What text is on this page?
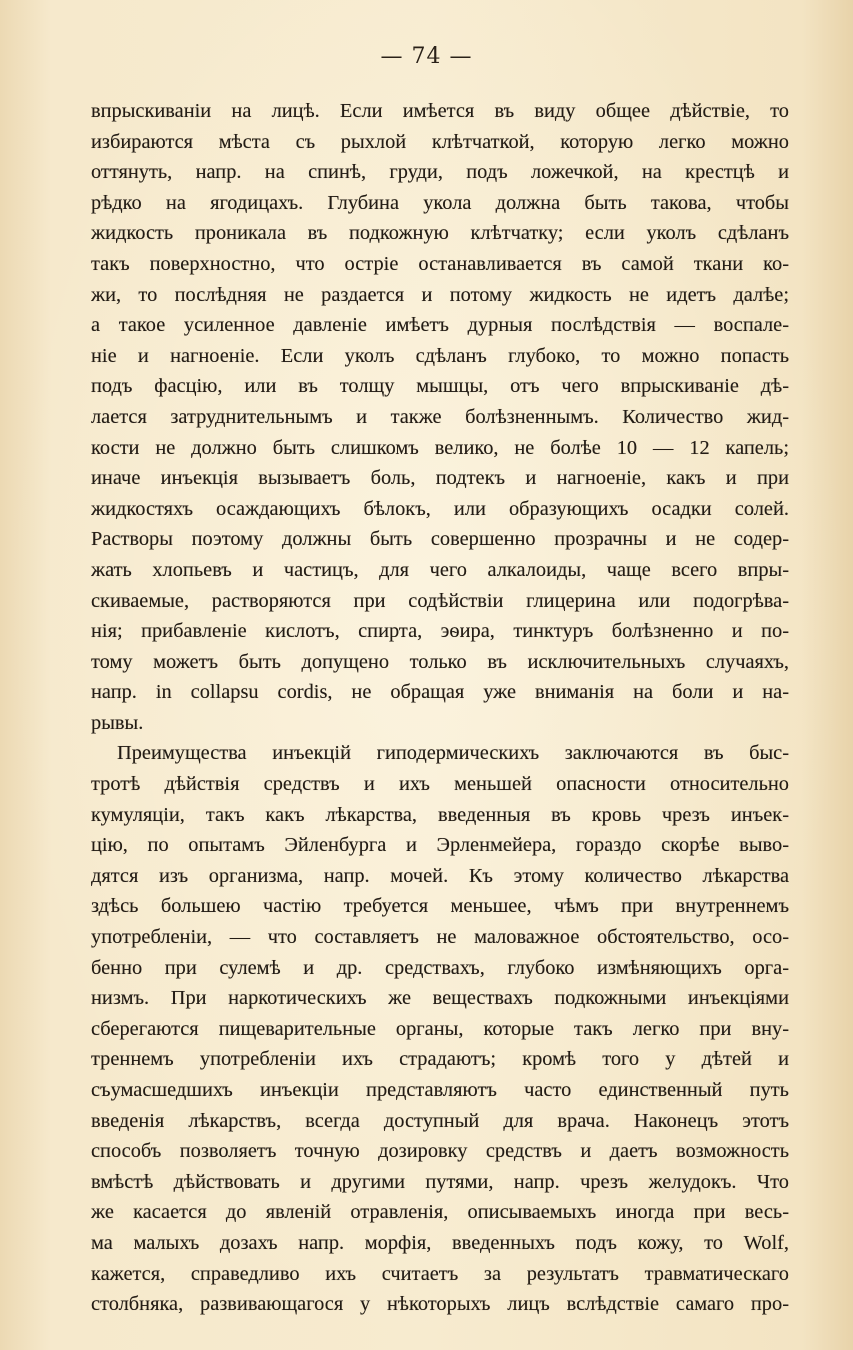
— 74 —
впрыскиваніи на лицѣ. Если имѣется въ виду общее дѣйствіе, то
избираются мѣста съ рыхлой клѣтчаткой, которую легко можно
оттянуть, напр. на спинѣ, груди, подъ ложечкой, на крестцѣ и
рѣдко на ягодицахъ. Глубина укола должна быть такова, чтобы
жидкость проникала въ подкожную клѣтчатку; если уколъ сдѣланъ
такъ поверхностно, что остріе останавливается въ самой ткани ко-
жи, то послѣдняя не раздается и потому жидкость не идетъ далѣе;
а такое усиленное давленіе имѣетъ дурныя послѣдствія — воспале-
ніе и нагноеніе. Если уколъ сдѣланъ глубоко, то можно попасть
подъ фасцію, или въ толщу мышцы, отъ чего впрыскиваніе дѣ-
лается затруднительнымъ и также болѣзненнымъ. Количество жид-
кости не должно быть слишкомъ велико, не болѣе 10 — 12 капель;
иначе инъекція вызываетъ боль, подтекъ и нагноеніе, какъ и при
жидкостяхъ осаждающихъ бѣлокъ, или образующихъ осадки солей.
Растворы поэтому должны быть совершенно прозрачны и не содер-
жать хлопьевъ и частицъ, для чего алкалоиды, чаще всего впры-
скиваемые, растворяются при содѣйствіи глицерина или подогрѣва-
нія; прибавленіе кислотъ, спирта, эѳира, тинктуръ болѣзненно и по-
тому можетъ быть допущено только въ исключительныхъ случаяхъ,
напр. in collapsu cordis, не обращая уже вниманія на боли и на-
рывы.
Преимущества инъекцій гиподермическихъ заключаются въ быс-
тротѣ дѣйствія средствъ и ихъ меньшей опасности относительно
кумуляціи, такъ какъ лѣкарства, введенныя въ кровь чрезъ инъек-
цію, по опытамъ Эйленбурга и Эрленмейера, гораздо скорѣе выво-
дятся изъ организма, напр. мочей. Къ этому количество лѣкарства
здѣсь большею частію требуется меньшее, чѣмъ при внутреннемъ
употребленіи, — что составляетъ не маловажное обстоятельство, осо-
бенно при сулемѣ и др. средствахъ, глубоко измѣняющихъ орга-
низмъ. При наркотическихъ же веществахъ подкожными инъекціями
сберегаются пищеварительные органы, которые такъ легко при вну-
треннемъ употребленіи ихъ страдаютъ; кромѣ того у дѣтей и
съумасшедшихъ инъекціи представляютъ часто единственный путь
введенія лѣкарствъ, всегда доступный для врача. Наконецъ этотъ
способъ позволяетъ точную дозировку средствъ и даетъ возможность
вмѣстѣ дѣйствовать и другими путями, напр. чрезъ желудокъ. Что
же касается до явленій отравленія, описываемыхъ иногда при весь-
ма малыхъ дозахъ напр. морфія, введенныхъ подъ кожу, то Wolf,
кажется, справедливо ихъ считаетъ за результатъ травматическаго
столбняка, развивающагося у нѣкоторыхъ лицъ вслѣдствіе самаго про-
